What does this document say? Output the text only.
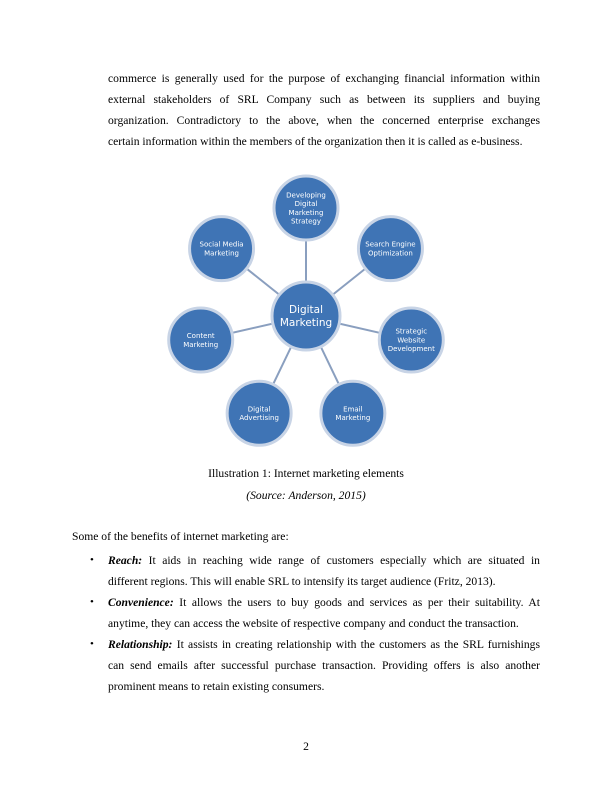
commerce is generally used for the purpose of exchanging financial information within
external stakeholders of SRL Company such as between its suppliers and buying
organization. Contradictory to the above, when the concerned enterprise exchanges
certain information within the members of the organization then it is called as e-business.
Developing
Digital
Marketing
Strategy
Search Engine
Optimization
Strategic
Website
Development
Email
Marketing
Digital
Advertising
Content
Marketing
Social Media
Marketing
Digital
Marketing

Illustration 1: Internet marketing elements

(Source: Anderson, 2015)

Some of the benefits of internet marketing are:

• Reach: It aids in reaching wide range of customers especially which are situated in
different regions. This will enable SRL to intensify its target audience (Fritz, 2013).
• Convenience: It allows the users to buy goods and services as per their suitability. At
anytime, they can access the website of respective company and conduct the transaction.
• Relationship: It assists in creating relationship with the customers as the SRL furnishings
can send emails after successful purchase transaction. Providing offers is also another
prominent means to retain existing consumers.

2
